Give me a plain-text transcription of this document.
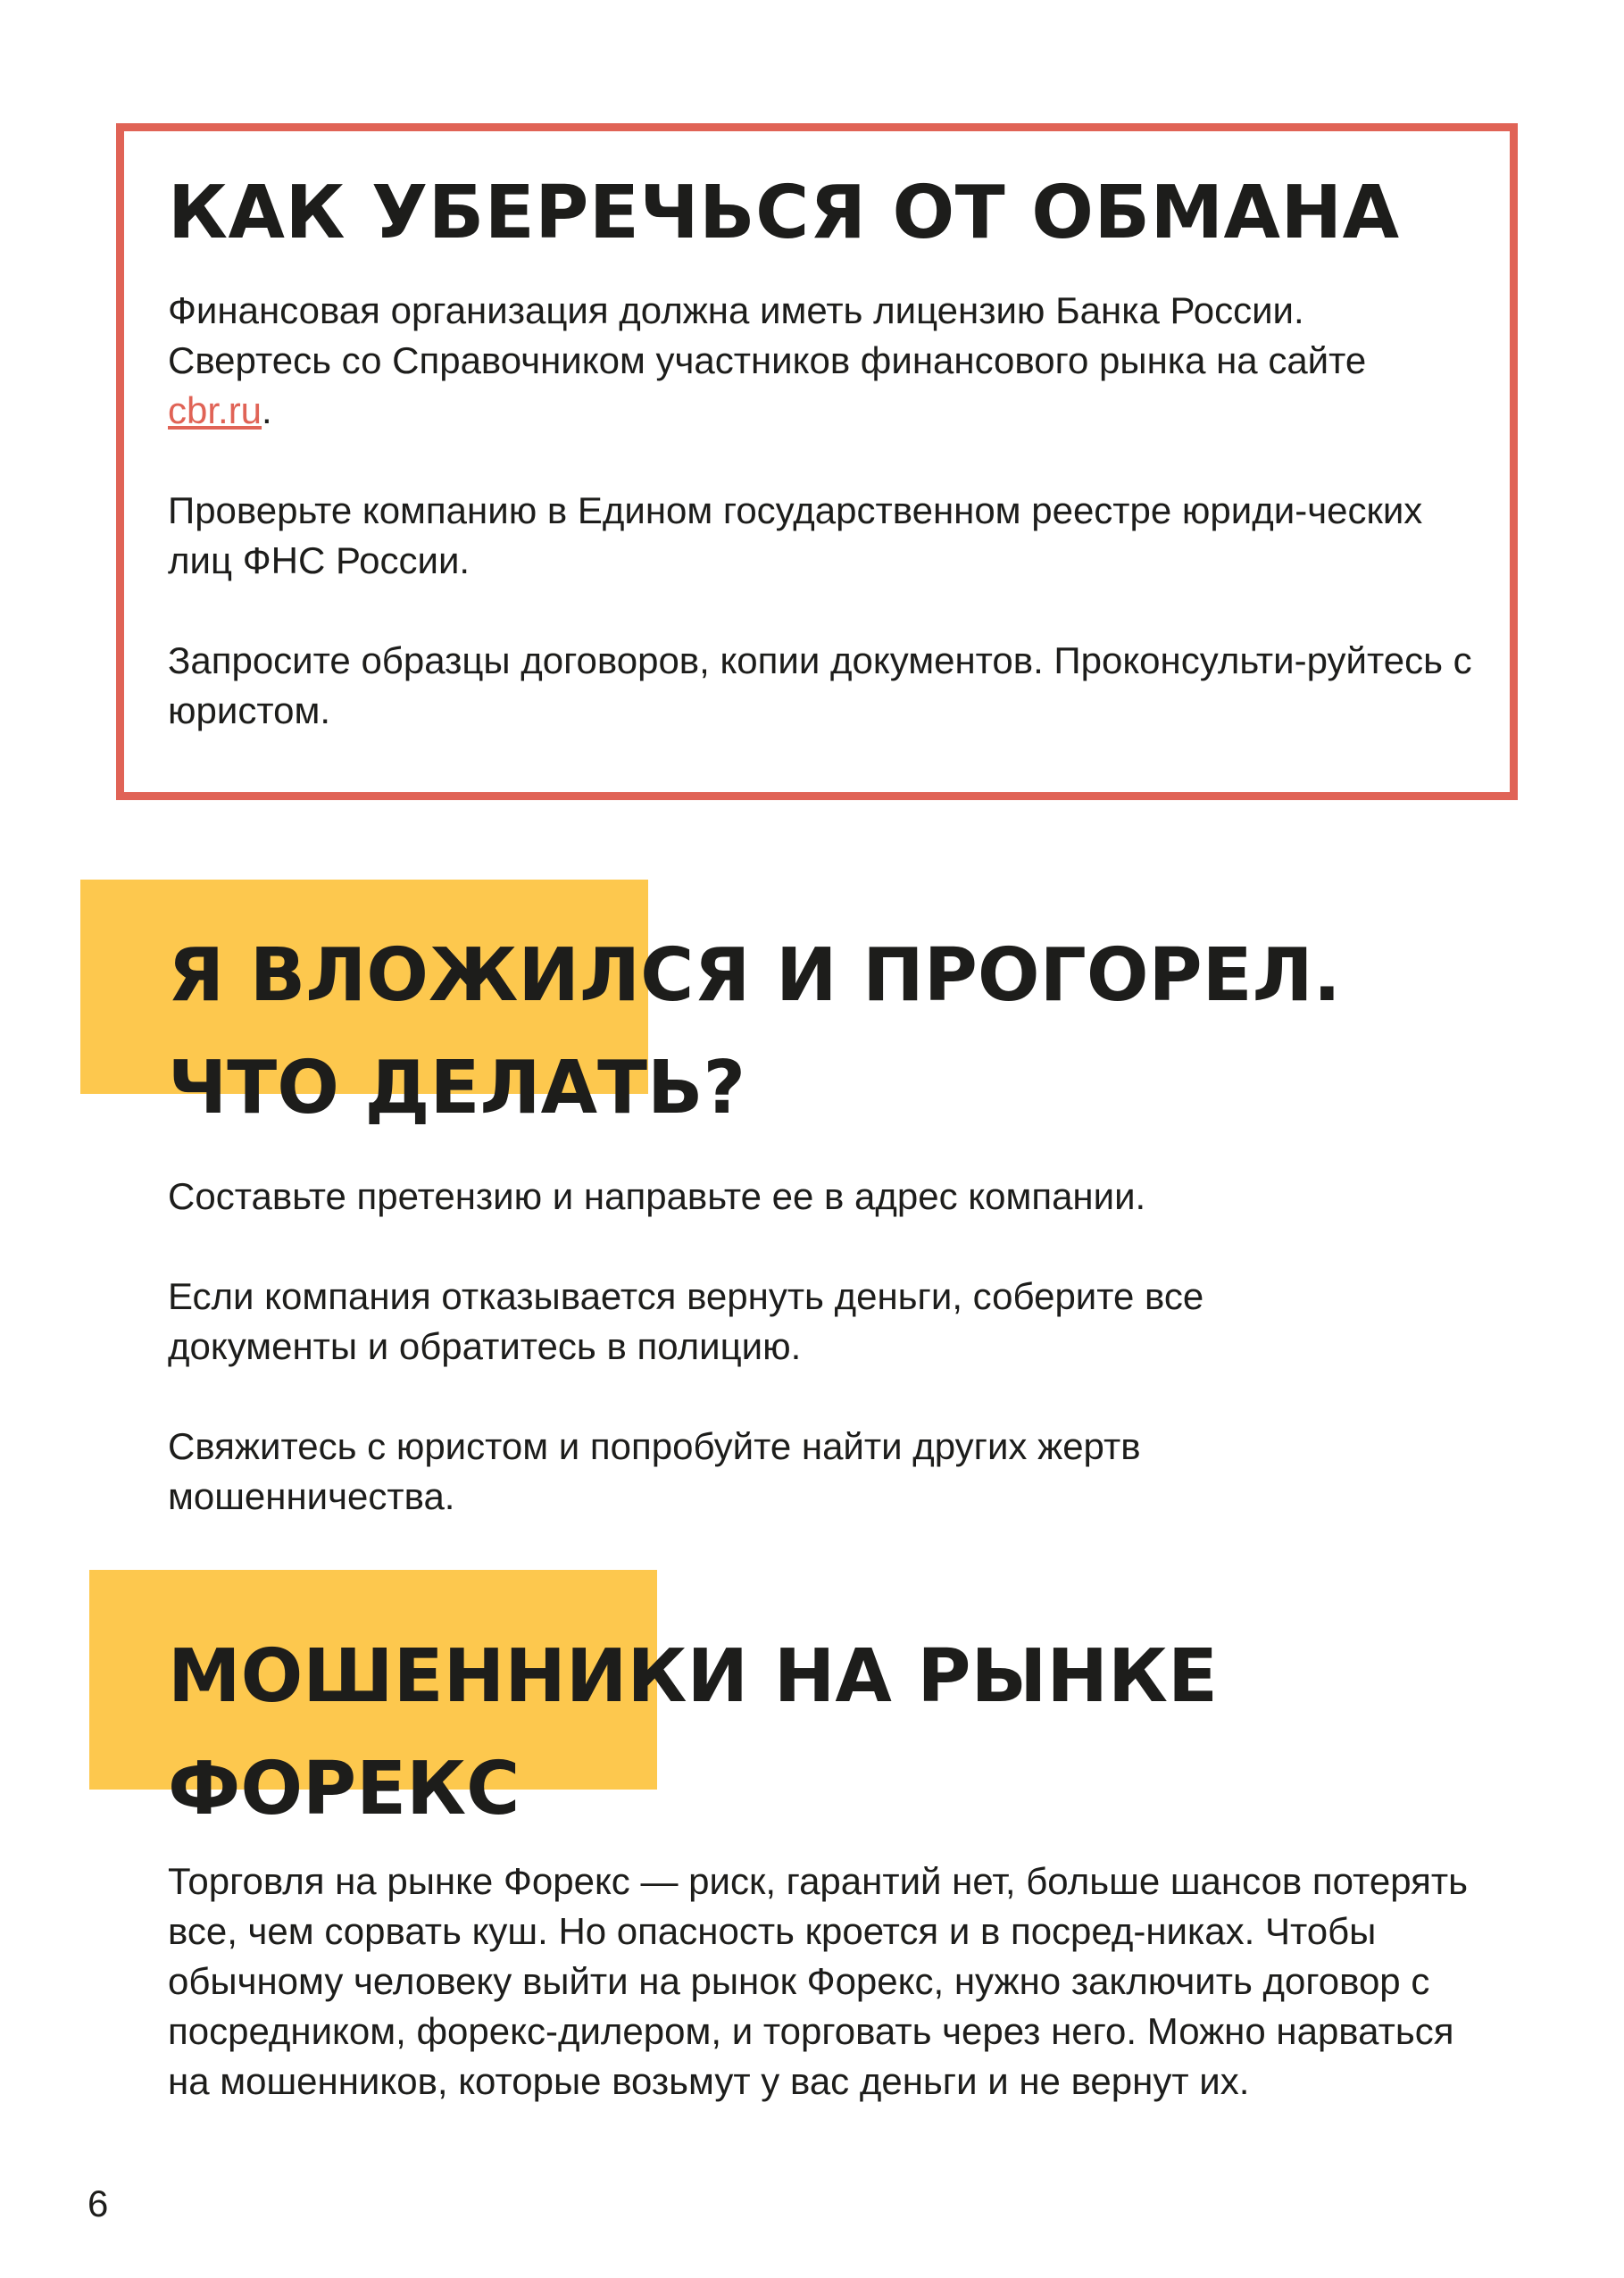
КАК УБЕРЕЧЬСЯ ОТ ОБМАНА

Финансовая организация должна иметь лицензию Банка России. Свертесь со Справочником участников финансового рынка на сайте cbr.ru.

Проверьте компанию в Едином государственном реестре юриди-ческих лиц ФНС России.

Запросите образцы договоров, копии документов. Проконсульти-руйтесь с юристом.

Я ВЛОЖИЛСЯ И ПРОГОРЕЛ.
ЧТО ДЕЛАТЬ?

Составьте претензию и направьте ее в адрес компании.

Если компания отказывается вернуть деньги, соберите все документы и обратитесь в полицию.

Свяжитесь с юристом и попробуйте найти других жертв мошенничества.

МОШЕННИКИ НА РЫНКЕ
ФОРЕКС

Торговля на рынке Форекс — риск, гарантий нет, больше шансов потерять все, чем сорвать куш. Но опасность кроется и в посред-никах. Чтобы обычному человеку выйти на рынок Форекс, нужно заключить договор с посредником, форекс-дилером, и торговать через него. Можно нарваться на мошенников, которые возьмут у вас деньги и не вернут их.

6
